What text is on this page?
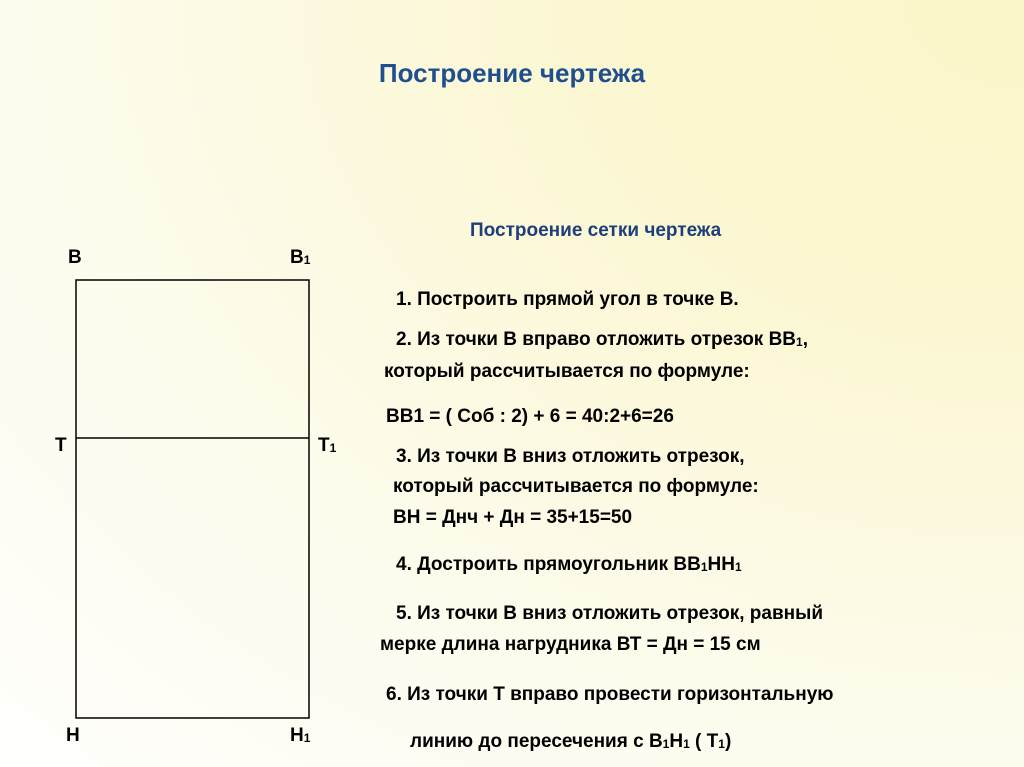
Построение чертежа
Построение сетки чертежа
В	$В_1$
Т	$Т_1$
Н	$Н_1$
1. Построить прямой угол в точке В.
2. Из точки В вправо отложить отрезок $ВВ_1$,
который рассчитывается по формуле:
ВВ1 = ( Соб : 2) + 6 = 40:2+6=26
3. Из точки В вниз отложить отрезок,
который рассчитывается по формуле:
ВН = Днч + Дн = 35+15=50
4. Достроить прямоугольник $ВВ_1НН_1$
5. Из точки В вниз отложить отрезок, равный
мерке длина нагрудника ВТ = Дн = 15 см
6. Из точки Т вправо провести горизонтальную
линию до пересечения с $В_1Н_1$ ( $Т_1$)
